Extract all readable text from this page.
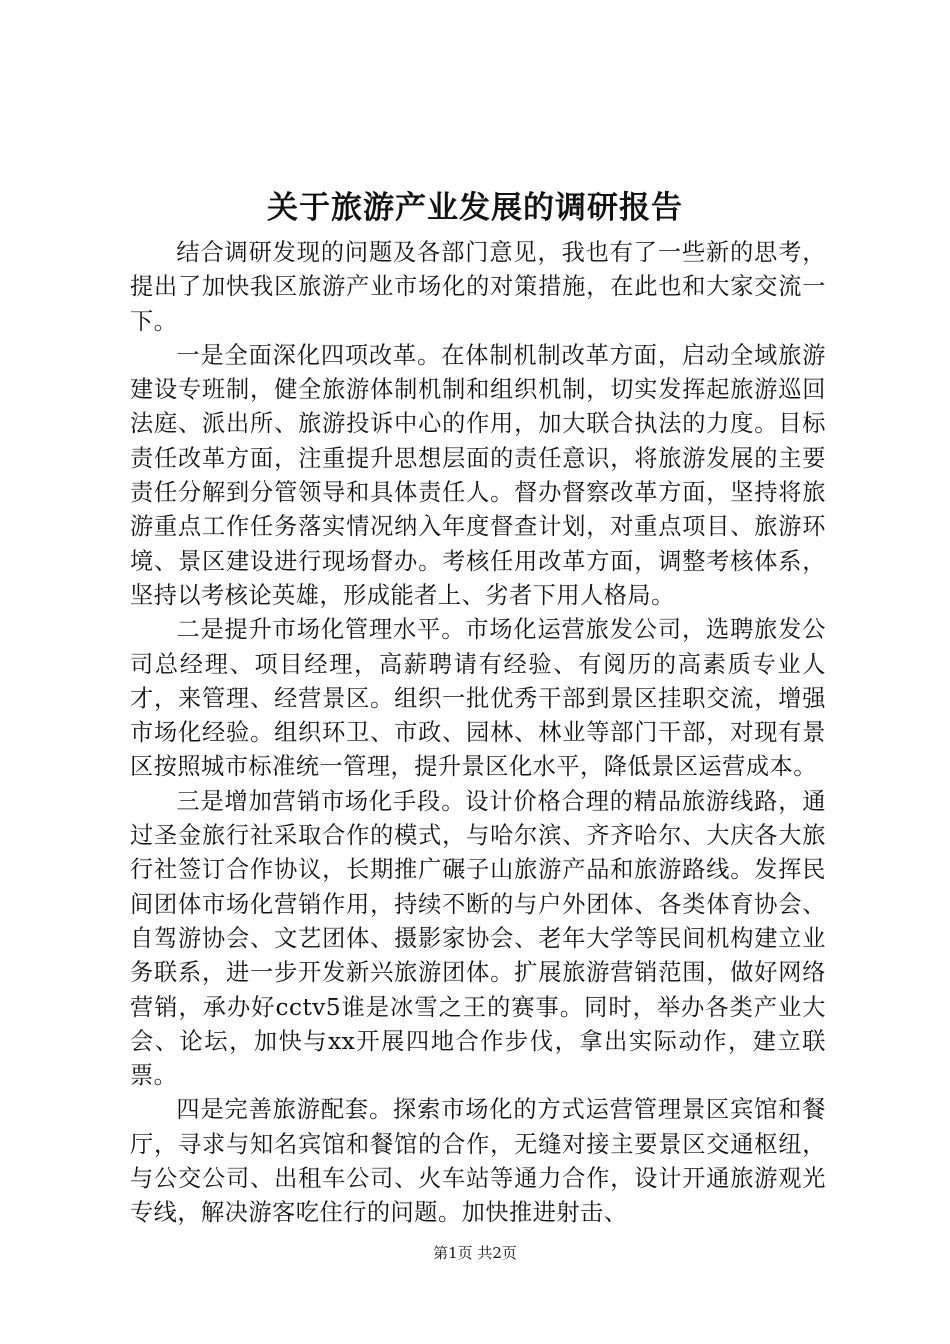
关于旅游产业发展的调研报告

结合调研发现的问题及各部门意见，我也有了一些新的思考，提出了加快我区旅游产业市场化的对策措施，在此也和大家交流一下。

一是全面深化四项改革。在体制机制改革方面，启动全域旅游建设专班制，健全旅游体制机制和组织机制，切实发挥起旅游巡回法庭、派出所、旅游投诉中心的作用，加大联合执法的力度。目标责任改革方面，注重提升思想层面的责任意识，将旅游发展的主要责任分解到分管领导和具体责任人。督办督察改革方面，坚持将旅游重点工作任务落实情况纳入年度督查计划，对重点项目、旅游环境、景区建设进行现场督办。考核任用改革方面，调整考核体系，坚持以考核论英雄，形成能者上、劣者下用人格局。

二是提升市场化管理水平。市场化运营旅发公司，选聘旅发公司总经理、项目经理，高薪聘请有经验、有阅历的高素质专业人才，来管理、经营景区。组织一批优秀干部到景区挂职交流，增强市场化经验。组织环卫、市政、园林、林业等部门干部，对现有景区按照城市标准统一管理，提升景区化水平，降低景区运营成本。

三是增加营销市场化手段。设计价格合理的精品旅游线路，通过圣金旅行社采取合作的模式，与哈尔滨、齐齐哈尔、大庆各大旅行社签订合作协议，长期推广碾子山旅游产品和旅游路线。发挥民间团体市场化营销作用，持续不断的与户外团体、各类体育协会、自驾游协会、文艺团体、摄影家协会、老年大学等民间机构建立业务联系，进一步开发新兴旅游团体。扩展旅游营销范围，做好网络营销，承办好cctv5谁是冰雪之王的赛事。同时，举办各类产业大会、论坛，加快与xx开展四地合作步伐，拿出实际动作，建立联票。

四是完善旅游配套。探索市场化的方式运营管理景区宾馆和餐厅，寻求与知名宾馆和餐馆的合作，无缝对接主要景区交通枢纽，与公交公司、出租车公司、火车站等通力合作，设计开通旅游观光专线，解决游客吃住行的问题。加快推进射击、

第1页 共2页
